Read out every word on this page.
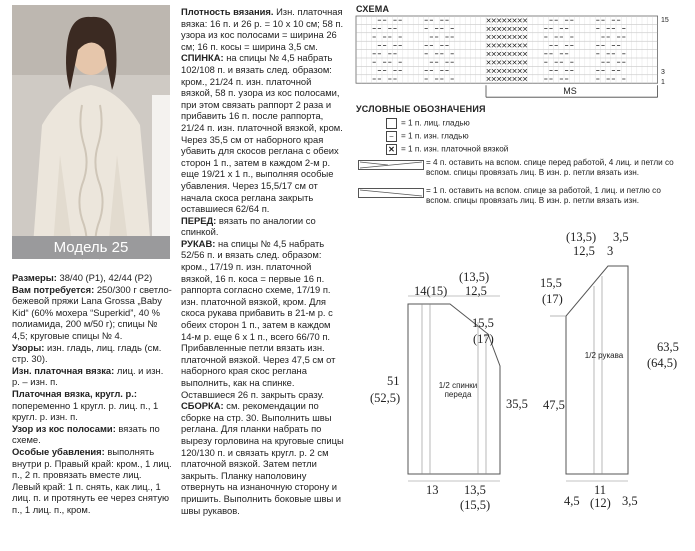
Модель 25

Размеры: 38/40 (Р1), 42/44 (Р2)

Вам потребуется: 250/300 г светло-бежевой пряжи Lana Grossa „Baby Kid“ (60% мохера “Superkid”, 40 % полиамида, 200 м/50 г); спицы № 4,5; круговые спицы № 4.

Узоры: изн. гладь, лиц. гладь (см. стр. 30).

Изн. платочная вязка: лиц. и изн. р. – изн. п.

Платочная вязка, кругл. р.: попеременно 1 кругл. р. лиц. п., 1 кругл. р. изн. п.

Узор из кос полосами: вязать по схеме.

Особые убавления: выполнять внутри р. Правый край: кром., 1 лиц. п., 2 п. провязать вместе лиц. Левый край: 1 п. снять, как лиц., 1 лиц. п. и протянуть ее через снятую п., 1 лиц. п., кром.

Плотность вязания. Изн. платочная вязка: 16 п. и 26 р. = 10 х 10 см; 58 п. узора из кос полосами = ширина 26 см; 16 п. косы = ширина 3,5 см.

СПИНКА: на спицы № 4,5 набрать 102/108 п. и вязать след. образом: кром., 21/24 п. изн. платочной вязкой, 58 п. узора из кос полосами, при этом связать раппорт 2 раза и прибавить 16 п. после раппорта, 21/24 п. изн. платочной вязкой, кром. Через 35,5 см от наборного края убавить для скосов реглана с обеих сторон 1 п., затем в каждом 2-м р. еще 19/21 х 1 п., выполняя особые убавления. Через 15,5/17 см от начала скоса реглана закрыть оставшиеся 62/64 п.

ПЕРЕД: вязать по аналогии со спинкой.

РУКАВ: на спицы № 4,5 набрать 52/56 п. и вязать след. образом: кром., 17/19 п. изн. платочной вязкой, 16 п. коса = первые 16 п. раппорта согласно схеме, 17/19 п. изн. платочной вязкой, кром. Для скоса рукава прибавить в 21-м р. с обеих сторон 1 п., затем в каждом 14-м р. еще 6 х 1 п., всего 66/70 п. Прибавленные петли вязать изн. платочной вязкой. Через 47,5 см от наборного края скос реглана выполнить, как на спинке. Оставшиеся 26 п. закрыть сразу.

СБОРКА: см. рекомендации по сборке на стр. 30. Выполнить швы реглана. Для планки набрать по вырезу горловина на круговые спицы 120/130 п. и связать кругл. р. 2 см платочной вязкой. Затем петли закрыть. Планку наполовину отвернуть на изнаночную сторону и пришить. Выполнить боковые швы и швы рукавов.

СХЕМА
✕ ✕ ✕ ✕ ✕ ✕ ✕ ✕
✕ ✕ ✕ ✕ ✕ ✕ ✕ ✕
✕ ✕ ✕ ✕ ✕ ✕ ✕ ✕
✕ ✕ ✕ ✕ ✕ ✕ ✕ ✕
✕ ✕ ✕ ✕ ✕ ✕ ✕ ✕
✕ ✕ ✕ ✕ ✕ ✕ ✕ ✕
✕ ✕ ✕ ✕ ✕ ✕ ✕ ✕
✕ ✕ ✕ ✕ ✕ ✕ ✕ ✕
MS
15
3
1
УСЛОВНЫЕ ОБОЗНАЧЕНИЯ
= 1 п. лиц. гладью
– = 1 п. изн. гладью
✕ = 1 п. изн. платочной вязкой
= 4 п. оставить на вспом. спице перед работой, 4 лиц. и петли со вспом. спицы провязать лиц. В изн. р. петли вязать изн.
= 1 п. оставить на вспом. спице за работой, 1 лиц. и петлю со вспом. спицы провязать лиц. В изн. р. петли вязать изн.
1/2 спинки
перeда
1/2 рукава
14(15)
(13,5)
12,5
15,5
(17)
51
(52,5)	35,5
13 13,5
(15,5)
(13,5)
12,5
3,5
3
15,5
(17)
47,5
63,5
(64,5)
4,5
11
(12) 3,5
